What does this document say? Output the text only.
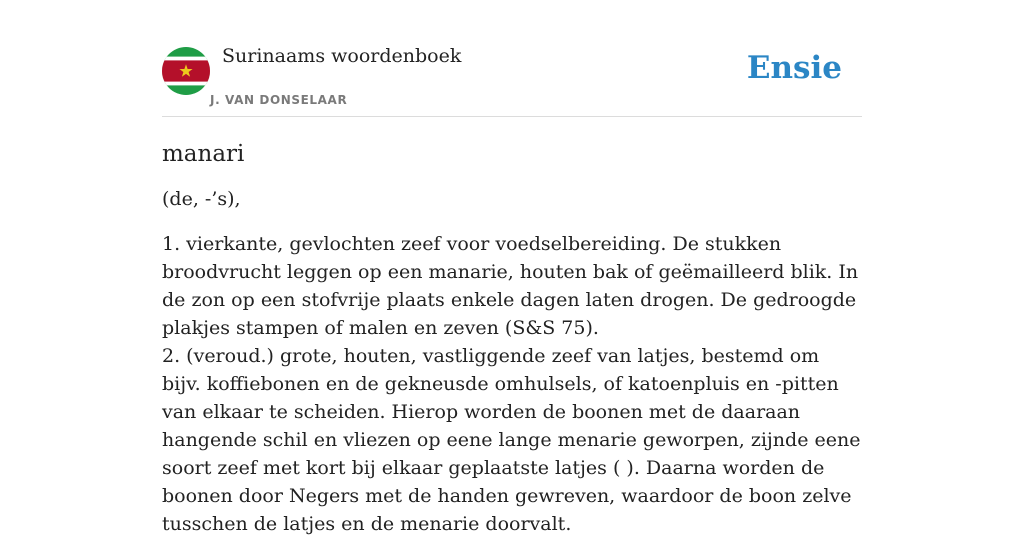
Surinaams woordenboek
J. VAN DONSELAAR
Ensie
manari

(de, -’s),

1. vierkante, gevlochten zeef voor voedselbereiding. De stukken broodvrucht leggen op een manarie, houten bak of geëmailleerd blik. In de zon op een stofvrije plaats enkele dagen laten drogen. De gedroogde plakjes stampen of malen en zeven (S&S 75).

2. (veroud.) grote, houten, vastliggende zeef van latjes, bestemd om bijv. koffiebonen en de gekneusde omhulsels, of katoenpluis en -pitten van elkaar te scheiden. Hierop worden de boonen met de daaraan hangende schil en vliezen op eene lange menarie geworpen, zijnde eene soort zeef met kort bij elkaar geplaatste latjes ( ). Daarna worden de boonen door Negers met de handen gewreven, waardoor de boon zelve tusschen de latjes en de menarie doorvalt.
